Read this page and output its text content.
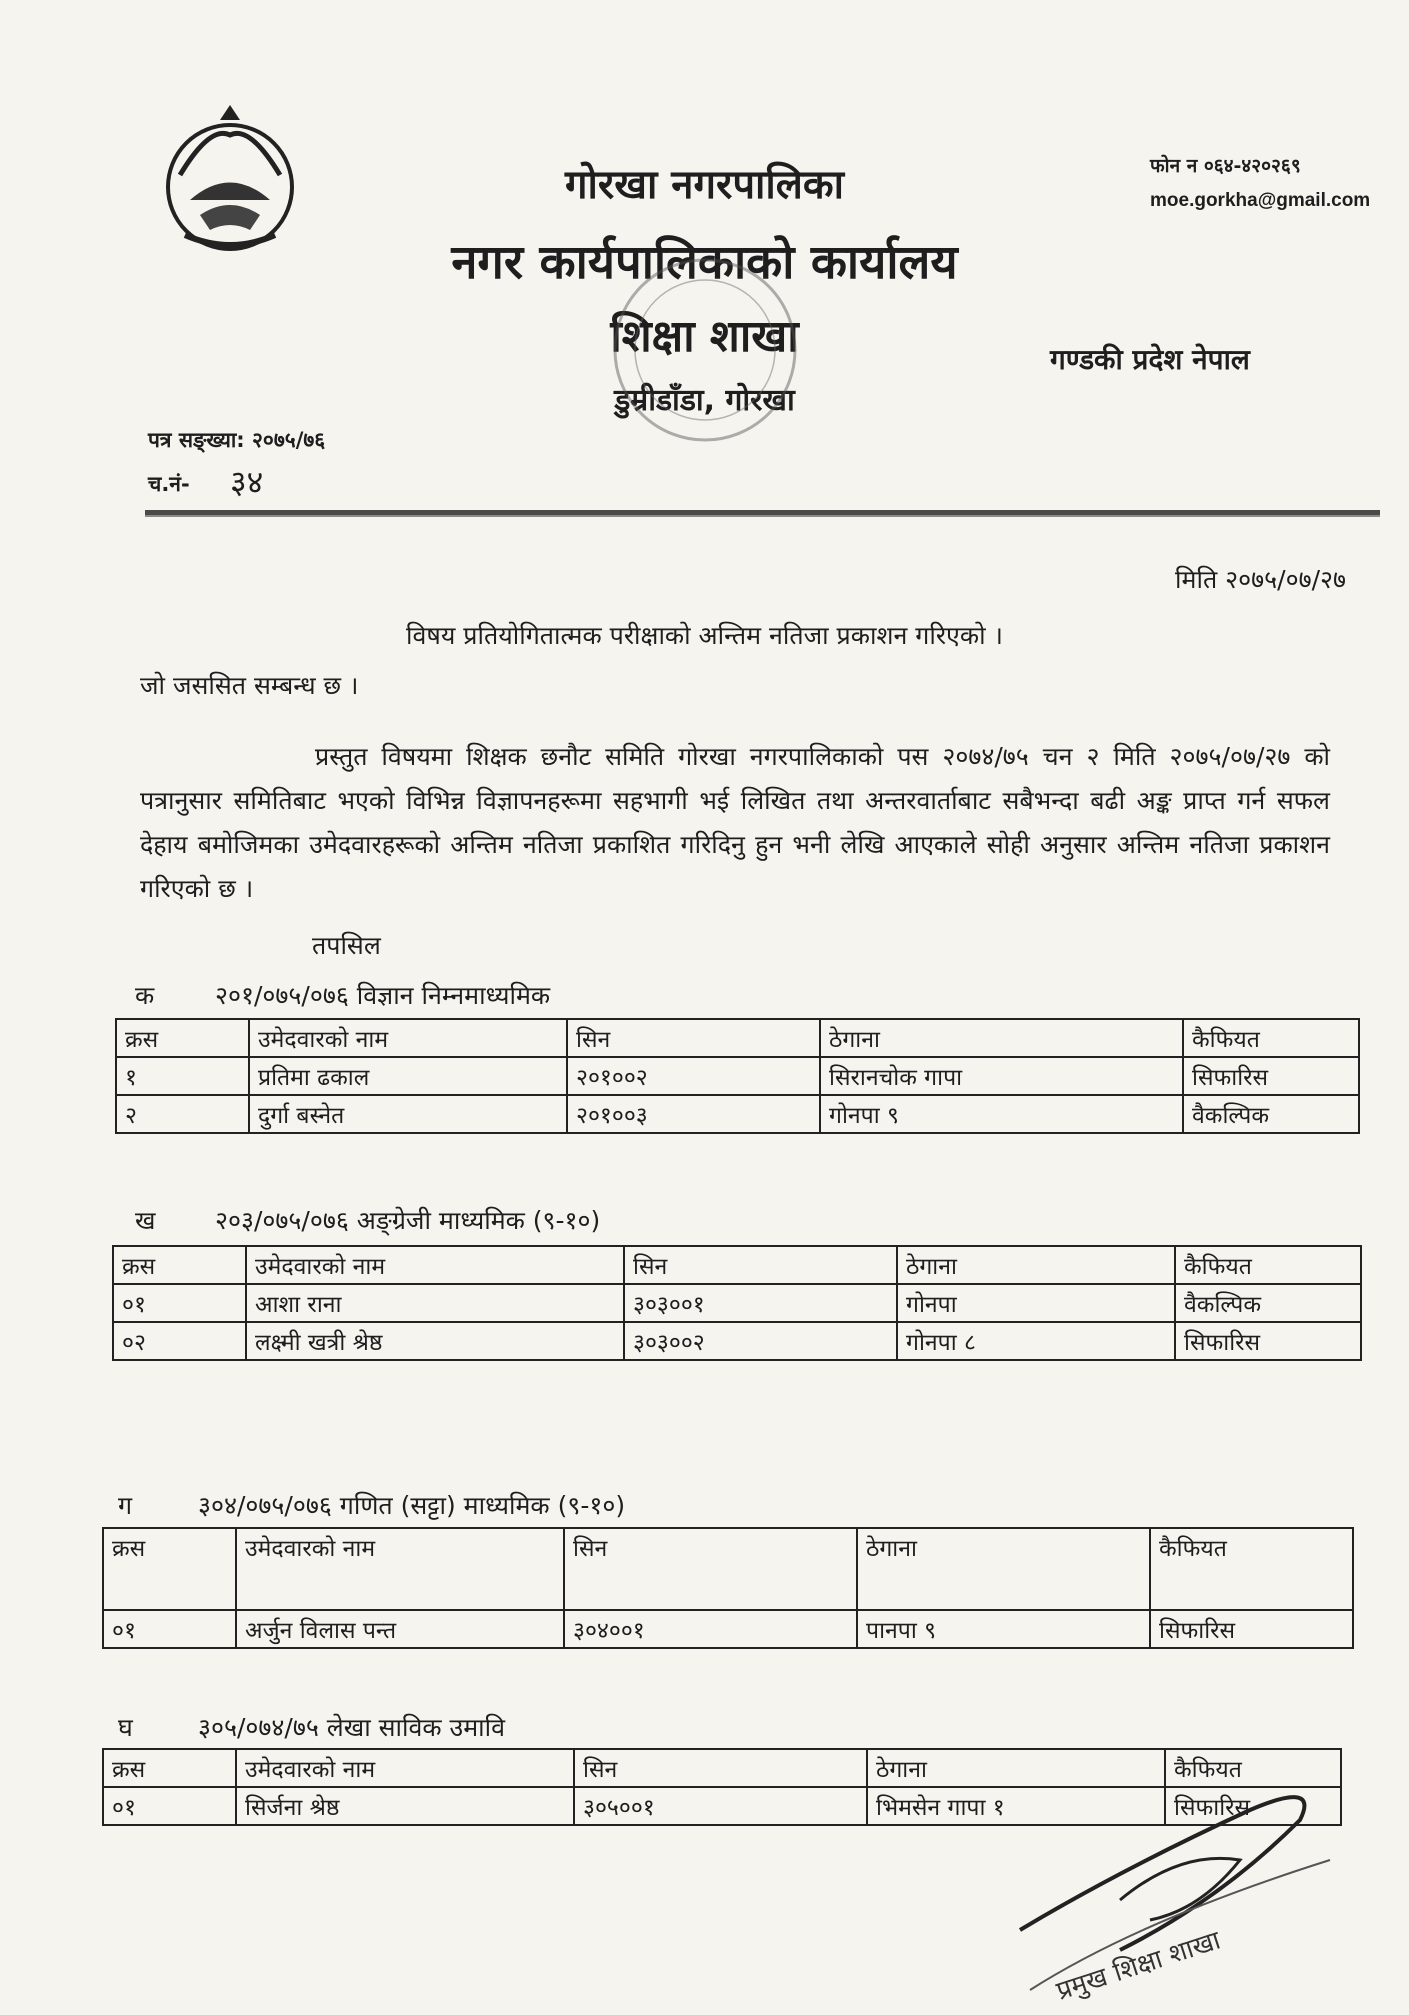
गोरखा नगरपालिका
नगर कार्यपालिकाको कार्यालय
शिक्षा शाखा
डुम्रीडाँडा, गोरखा
फोन न ०६४-४२०२६९
moe.gorkha@gmail.com
गण्डकी प्रदेश नेपाल
पत्र सङ्ख्या: २०७५/७६
च.नं- ३४
मिति २०७५/०७/२७
विषय प्रतियोगितात्मक परीक्षाको अन्तिम नतिजा प्रकाशन गरिएको ।
जो जससित सम्बन्ध छ ।
प्रस्तुत विषयमा शिक्षक छनौट समिति गोरखा नगरपालिकाको पस २०७४/७५ चन २ मिति २०७५/०७/२७ को पत्रानुसार समितिबाट भएको विभिन्न विज्ञापनहरूमा सहभागी भई लिखित तथा अन्तरवार्ताबाट सबैभन्दा बढी अङ्क प्राप्त गर्न सफल देहाय बमोजिमका उमेदवारहरूको अन्तिम नतिजा प्रकाशित गरिदिनु हुन भनी लेखि आएकाले सोही अनुसार अन्तिम नतिजा प्रकाशन गरिएको छ ।
तपसिल
क २०१/०७५/०७६ विज्ञान निम्नमाध्यमिक
क्रस	उमेदवारको नाम	सिन	ठेगाना	कैफियत
१	प्रतिमा ढकाल	२०१००२	सिरानचोक गापा	सिफारिस
२	दुर्गा बस्नेत	२०१००३	गोनपा ९	वैकल्पिक
ख २०३/०७५/०७६ अङ्ग्रेजी माध्यमिक (९-१०)
क्रस	उमेदवारको नाम	सिन	ठेगाना	कैफियत
०१	आशा राना	३०३००१	गोनपा	वैकल्पिक
०२	लक्ष्मी खत्री श्रेष्ठ	३०३००२	गोनपा ८	सिफारिस
ग	३०४/०७५/०७६ गणित (सट्टा) माध्यमिक (९-१०)
क्रस	उमेदवारको नाम	सिन	ठेगाना	कैफियत
०१	अर्जुन विलास पन्त	३०४००१	पानपा ९	सिफारिस
घ	३०५/०७४/७५ लेखा साविक उमावि
क्रस	उमेदवारको नाम	सिन	ठेगाना	कैफियत
०१	सिर्जना श्रेष्ठ	३०५००१	भिमसेन गापा १	सिफारिस
प्रमुख शिक्षा शाखा
